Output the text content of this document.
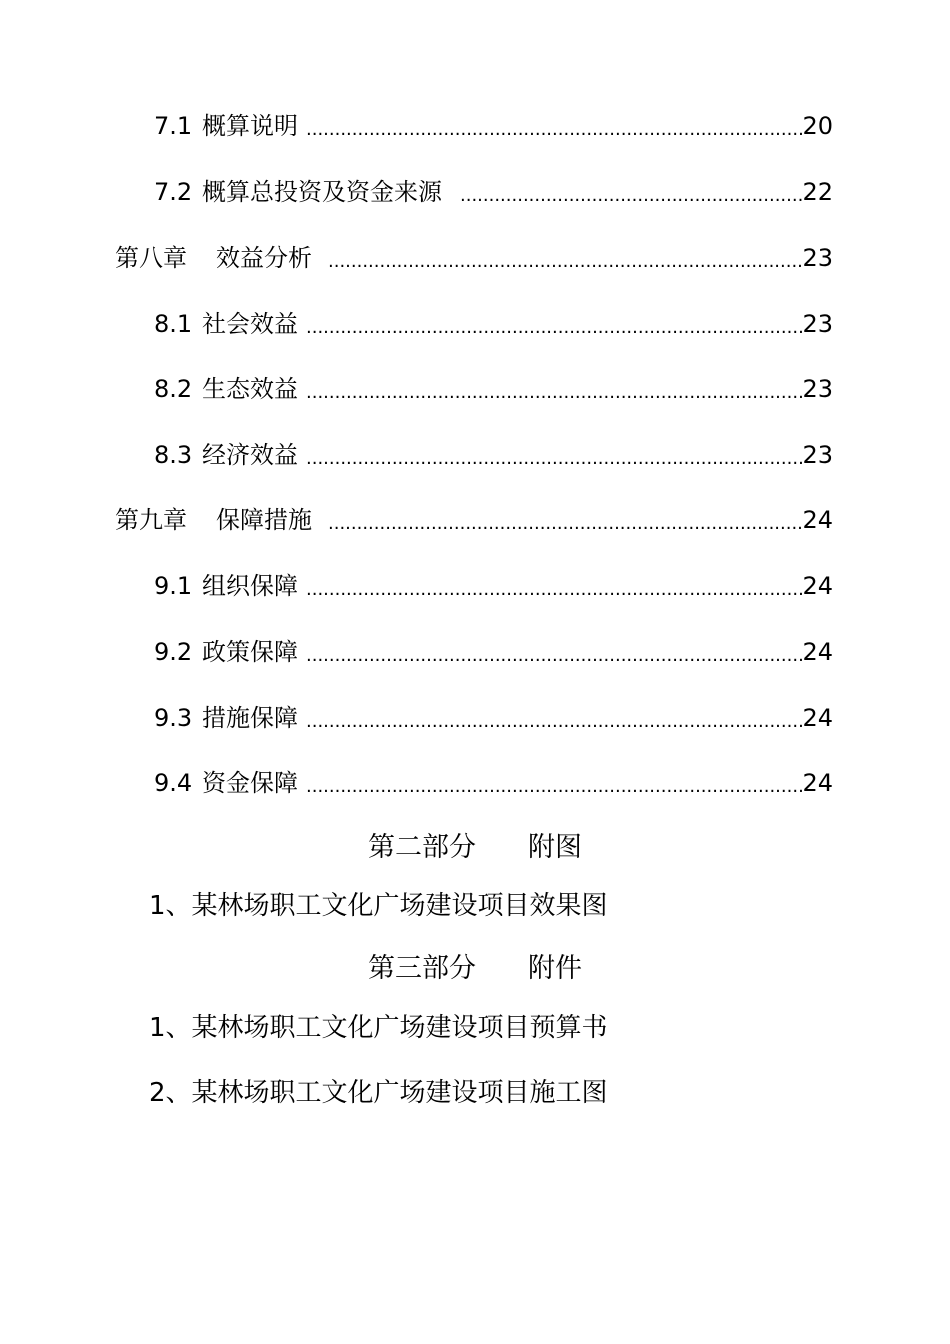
7.1 概算说明 .....	20
7.2 概算总投资及资金来源 .....	22
第八章 效益分析 .....	23
8.1 社会效益 .....	23
8.2 生态效益 .....	23
8.3 经济效益 .....	23
第九章 保障措施 .....	24
9.1 组织保障 .....	24
9.2 政策保障 .....	24
9.3 措施保障 .....	24
9.4 资金保障 .....	24
第二部分 附图
1、某林场职工文化广场建设项目效果图
第三部分 附件
1、某林场职工文化广场建设项目预算书
2、某林场职工文化广场建设项目施工图
